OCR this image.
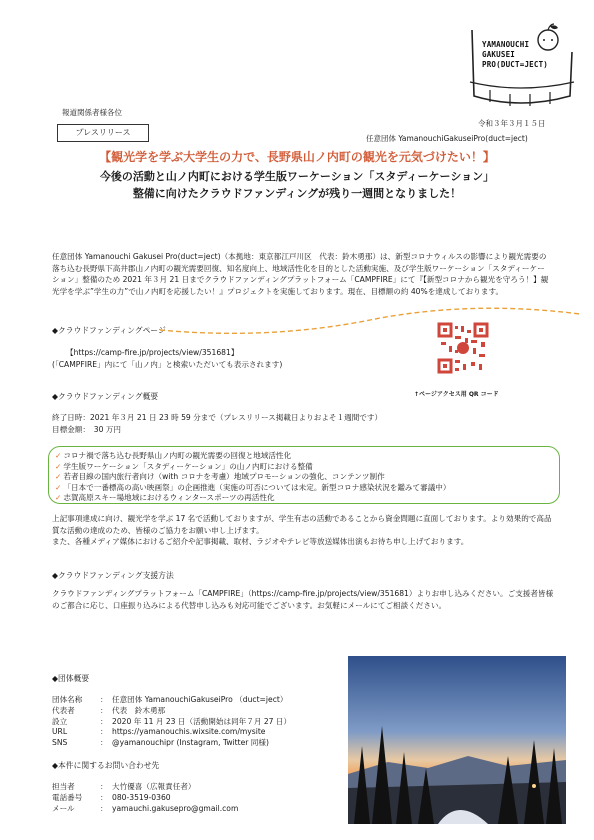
YAMANOUCHI
GAKUSEI
PRO(DUCT=JECT)
報道関係者様各位
プレスリリース
令和３年３月１５日
任意団体 YamanouchiGakuseiPro(duct=ject)
【観光学を学ぶ大学生の力で、長野県山ノ内町の観光を元気づけたい！】
今後の活動と山ノ内町における学生版ワーケーション「スタディーケーション」
整備に向けたクラウドファンディングが残り一週間となりました！
任意団体 Yamanouchi Gakusei Pro(duct=ject)（本拠地：東京都江戸川区　代表：鈴木勇那）は、新型コロナウィルスの影響により観光需要の落ち込む長野県下高井郡山ノ内町の観光需要回復、知名度向上、地域活性化を目的とした活動実施、及び学生版ワーケーション「スタディーケーション」整備のため 2021 年３月 21 日までクラウドファンディングプラットフォーム「CAMPFIRE」にて『【新型コロナから観光を守ろう！】観光学を学ぶ”学生の力”で山ノ内町を応援したい！』プロジェクトを実施しております。現在、目標額の約 40%を達成しております。
◆クラウドファンディングページ
【https://camp-fire.jp/projects/view/351681】
(「CAMPFIRE」内にて「山ノ内」と検索いただいても表示されます)
↑ページアクセス用 QR コード
◆クラウドファンディング概要
終了日時：2021 年３月 21 日 23 時 59 分まで（プレスリリース掲載日よりおよそ１週間です）
目標金額：　30 万円
✓ コロナ禍で落ち込む長野県山ノ内町の観光需要の回復と地域活性化
✓ 学生版ワーケーション「スタディーケーション」の山ノ内町における整備
✓ 若者目線の国内旅行者向け（with コロナを考慮）地域プロモーションの強化、コンテンツ制作
✓ 「日本で一番標高の高い映画祭」の企画推進（実施の可否については未定。新型コロナ感染状況を鑑みて審議中）
✓ 志賀高原スキー場地域におけるウィンタースポーツの再活性化
上記事項達成に向け、観光学を学ぶ 17 名で活動しておりますが、学生有志の活動であることから資金問題に直面しております。より効果的で高品質な活動の達成のため、皆様のご協力をお願い申し上げます。
また、各種メディア媒体におけるご紹介や記事掲載、取材、ラジオやテレビ等放送媒体出演もお待ち申し上げております。
◆クラウドファンディング支援方法
クラウドファンディングプラットフォーム「CAMPFIRE」（https://camp-fire.jp/projects/view/351681）よりお申し込みください。ご支援者皆様のご都合に応じ、口座振り込みによる代替申し込みも対応可能でございます。お気軽にメールにてご相談ください。
◆団体概要
団体名称	：	任意団体 YamanouchiGakuseiPro （duct=ject）
代表者	：	代表　鈴木勇那
設立	：	2020 年 11 月 23 日（活動開始は同年７月 27 日）
URL	：	https://yamanouchis.wixsite.com/mysite
SNS	：	@yamanouchipr (Instagram, Twitter 同様)
◆本件に関するお問い合わせ先
担当者	：	大竹優喜（広報責任者）
電話番号	：	080-3519-0360
メール	：	yamauchi.gakusepro@gmail.com
